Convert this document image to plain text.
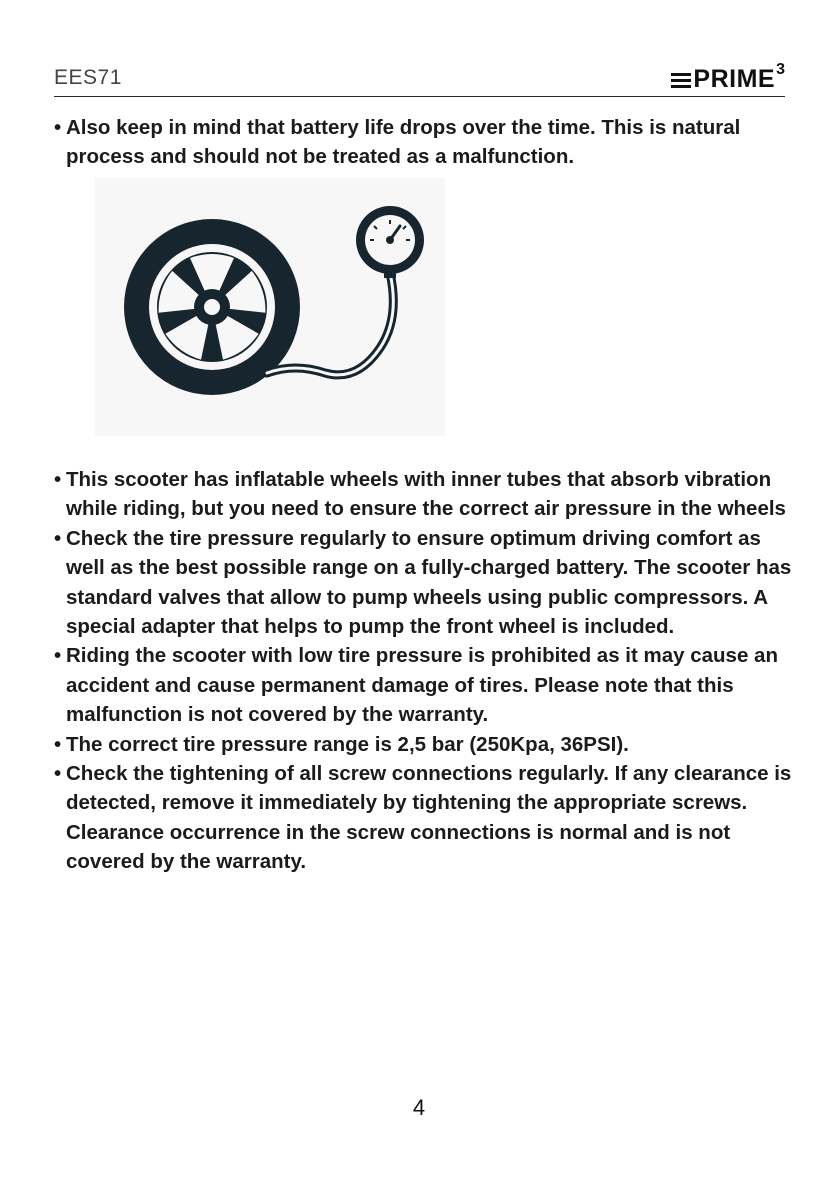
EES71	PRIME 3
• Also keep in mind that battery life drops over the time. This is natural process and should not be treated as a malfunction.
• This scooter has inflatable wheels with inner tubes that absorb vibration while riding, but you need to ensure the correct air pressure in the wheels
• Check the tire pressure regularly to ensure optimum driving comfort as well as the best possible range on a fully-charged battery. The scooter has standard valves that allow to pump wheels using public compressors. A special adapter that helps to pump the front wheel is included.
• Riding the scooter with low tire pressure is prohibited as it may cause an accident and cause permanent damage of tires. Please note that this malfunction is not covered by the warranty.
• The correct tire pressure range is 2,5 bar (250Kpa, 36PSI).
• Check the tightening of all screw connections regularly. If any clearance is detected, remove it immediately by tightening the appropriate screws. Clearance occurrence in the screw connections is normal and is not covered by the warranty.
4
